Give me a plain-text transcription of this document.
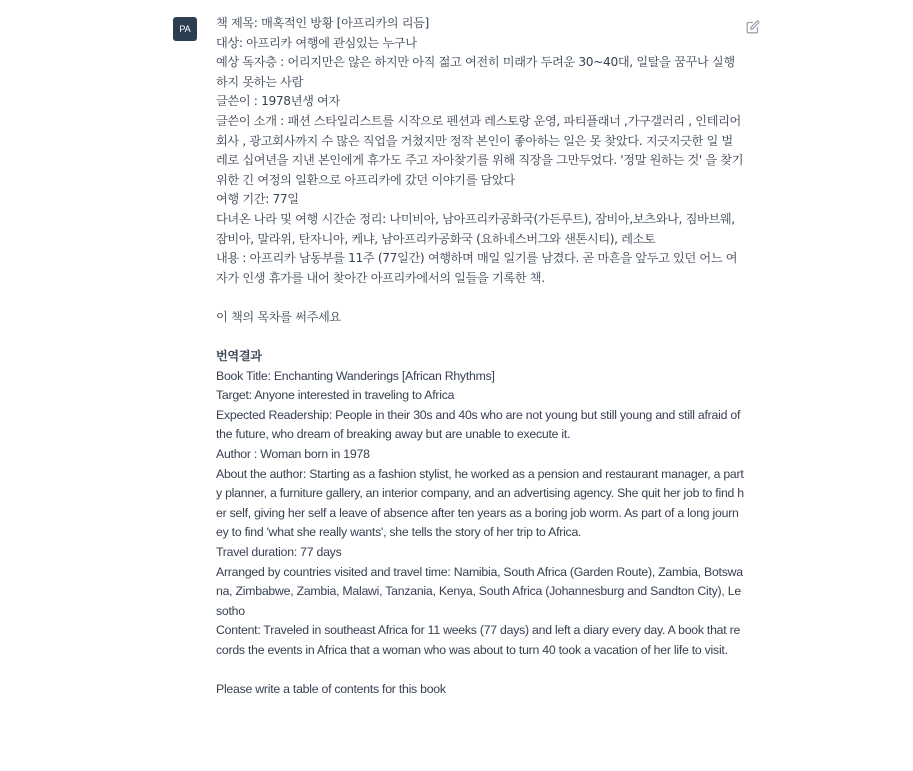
PA	책 제목: 매혹적인 방황 [아프리카의 리듬]

대상: 아프리카 여행에 관심있는 누구나

예상 독자층 : 어리지만은 않은 하지만 아직 젊고 여전히 미래가 두려운 30~40대, 일탈을 꿈꾸나 실행하지 못하는 사람

글쓴이 : 1978년생 여자

글쓴이 소개 : 패션 스타일리스트를 시작으로 펜션과 레스토랑 운영, 파티플래너 ,가구갤러리 , 인테리어 회사 , 광고회사까지 수 많은 직업을 거쳤지만 정작 본인이 좋아하는 일은 못 찾았다. 지긋지긋한 일 벌레로 십여년을 지낸 본인에게 휴가도 주고 자아찾기를 위해 직장을 그만두었다. '정말 원하는 것' 을 찾기 위한 긴 여정의 일환으로 아프리카에 갔던 이야기를 담았다

여행 기간: 77일

다녀온 나라 및 여행 시간순 정리: 나미비아, 남아프리카공화국(가든루트), 잠비아,보츠와나, 짐바브웨, 잠비아, 말라위, 탄자니아, 케냐, 남아프리카공화국 (요하네스버그와 샌톤시티), 레소토

내용 : 아프리카 남동부를 11주 (77일간) 여행하며 매일 일기를 남겼다. 곧 마흔을 앞두고 있던 어느 여자가 인생 휴가를 내어 찾아간 아프리카에서의 일들을 기록한 책.

이 책의 목차를 써주세요

번역결과

Book Title: Enchanting Wanderings [African Rhythms]

Target: Anyone interested in traveling to Africa

Expected Readership: People in their 30s and 40s who are not young but still young and still afraid of the future, who dream of breaking away but are unable to execute it.

Author : Woman born in 1978

About the author: Starting as a fashion stylist, he worked as a pension and restaurant manager, a party planner, a furniture gallery, an interior company, and an advertising agency. She quit her job to find her self, giving her self a leave of absence after ten years as a boring job worm. As part of a long journey to find 'what she really wants', she tells the story of her trip to Africa.

Travel duration: 77 days

Arranged by countries visited and travel time: Namibia, South Africa (Garden Route), Zambia, Botswana, Zimbabwe, Zambia, Malawi, Tanzania, Kenya, South Africa (Johannesburg and Sandton City), Lesotho

Content: Traveled in southeast Africa for 11 weeks (77 days) and left a diary every day. A book that records the events in Africa that a woman who was about to turn 40 took a vacation of her life to visit.

Please write a table of contents for this book
